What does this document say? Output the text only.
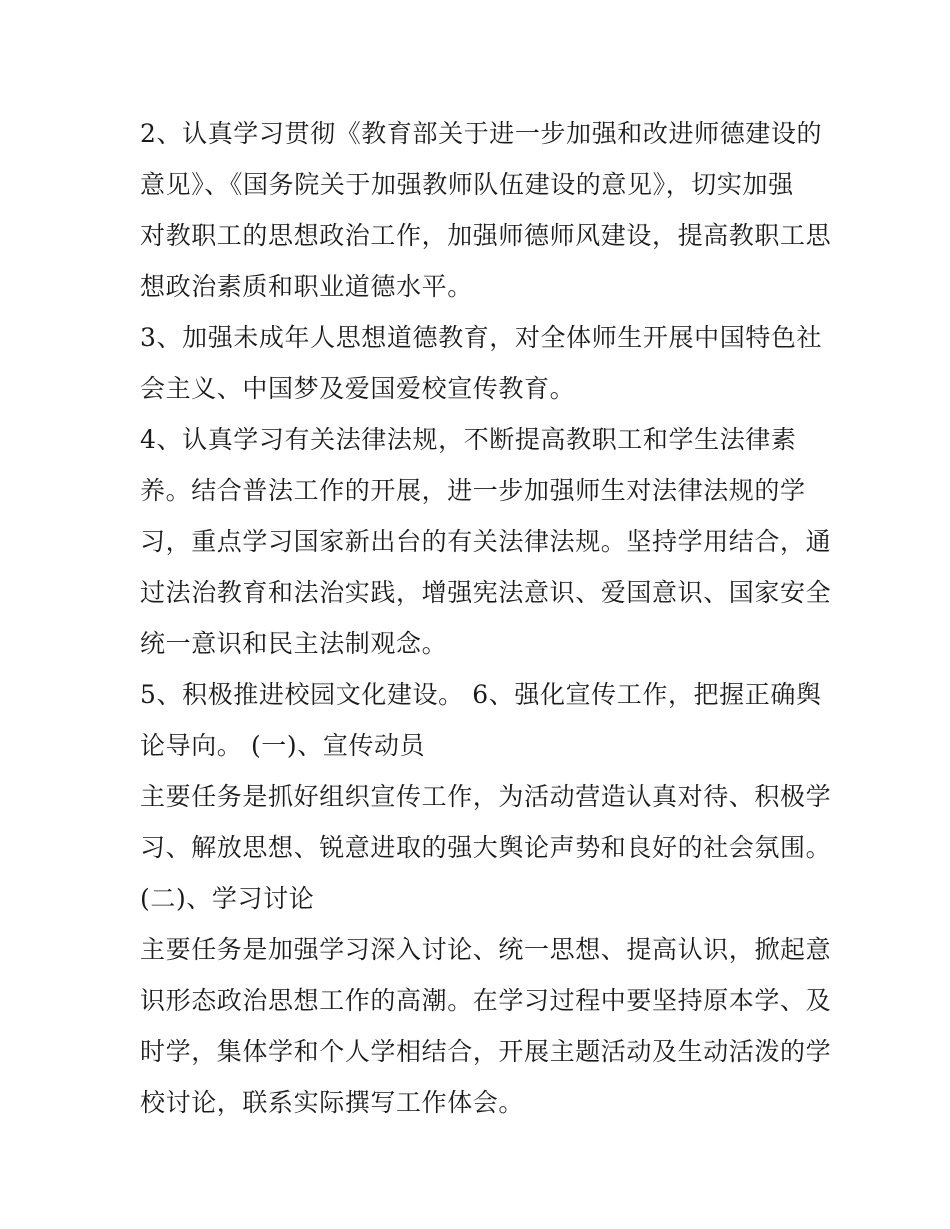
2、认真学习贯彻《教育部关于进一步加强和改进师德建设的
意见》、《国务院关于加强教师队伍建设的意见》，切实加强
对教职工的思想政治工作，加强师德师风建设，提高教职工思
想政治素质和职业道德水平。
3、加强未成年人思想道德教育，对全体师生开展中国特色社
会主义、中国梦及爱国爱校宣传教育。
4、认真学习有关法律法规，不断提高教职工和学生法律素
养。结合普法工作的开展，进一步加强师生对法律法规的学
习，重点学习国家新出台的有关法律法规。坚持学用结合，通
过法治教育和法治实践，增强宪法意识、爱国意识、国家安全
统一意识和民主法制观念。
5、积极推进校园文化建设。 6、强化宣传工作，把握正确舆
论导向。 (一)、宣传动员
主要任务是抓好组织宣传工作，为活动营造认真对待、积极学
习、解放思想、锐意进取的强大舆论声势和良好的社会氛围。
(二)、学习讨论
主要任务是加强学习深入讨论、统一思想、提高认识，掀起意
识形态政治思想工作的高潮。在学习过程中要坚持原本学、及
时学，集体学和个人学相结合，开展主题活动及生动活泼的学
校讨论，联系实际撰写工作体会。
